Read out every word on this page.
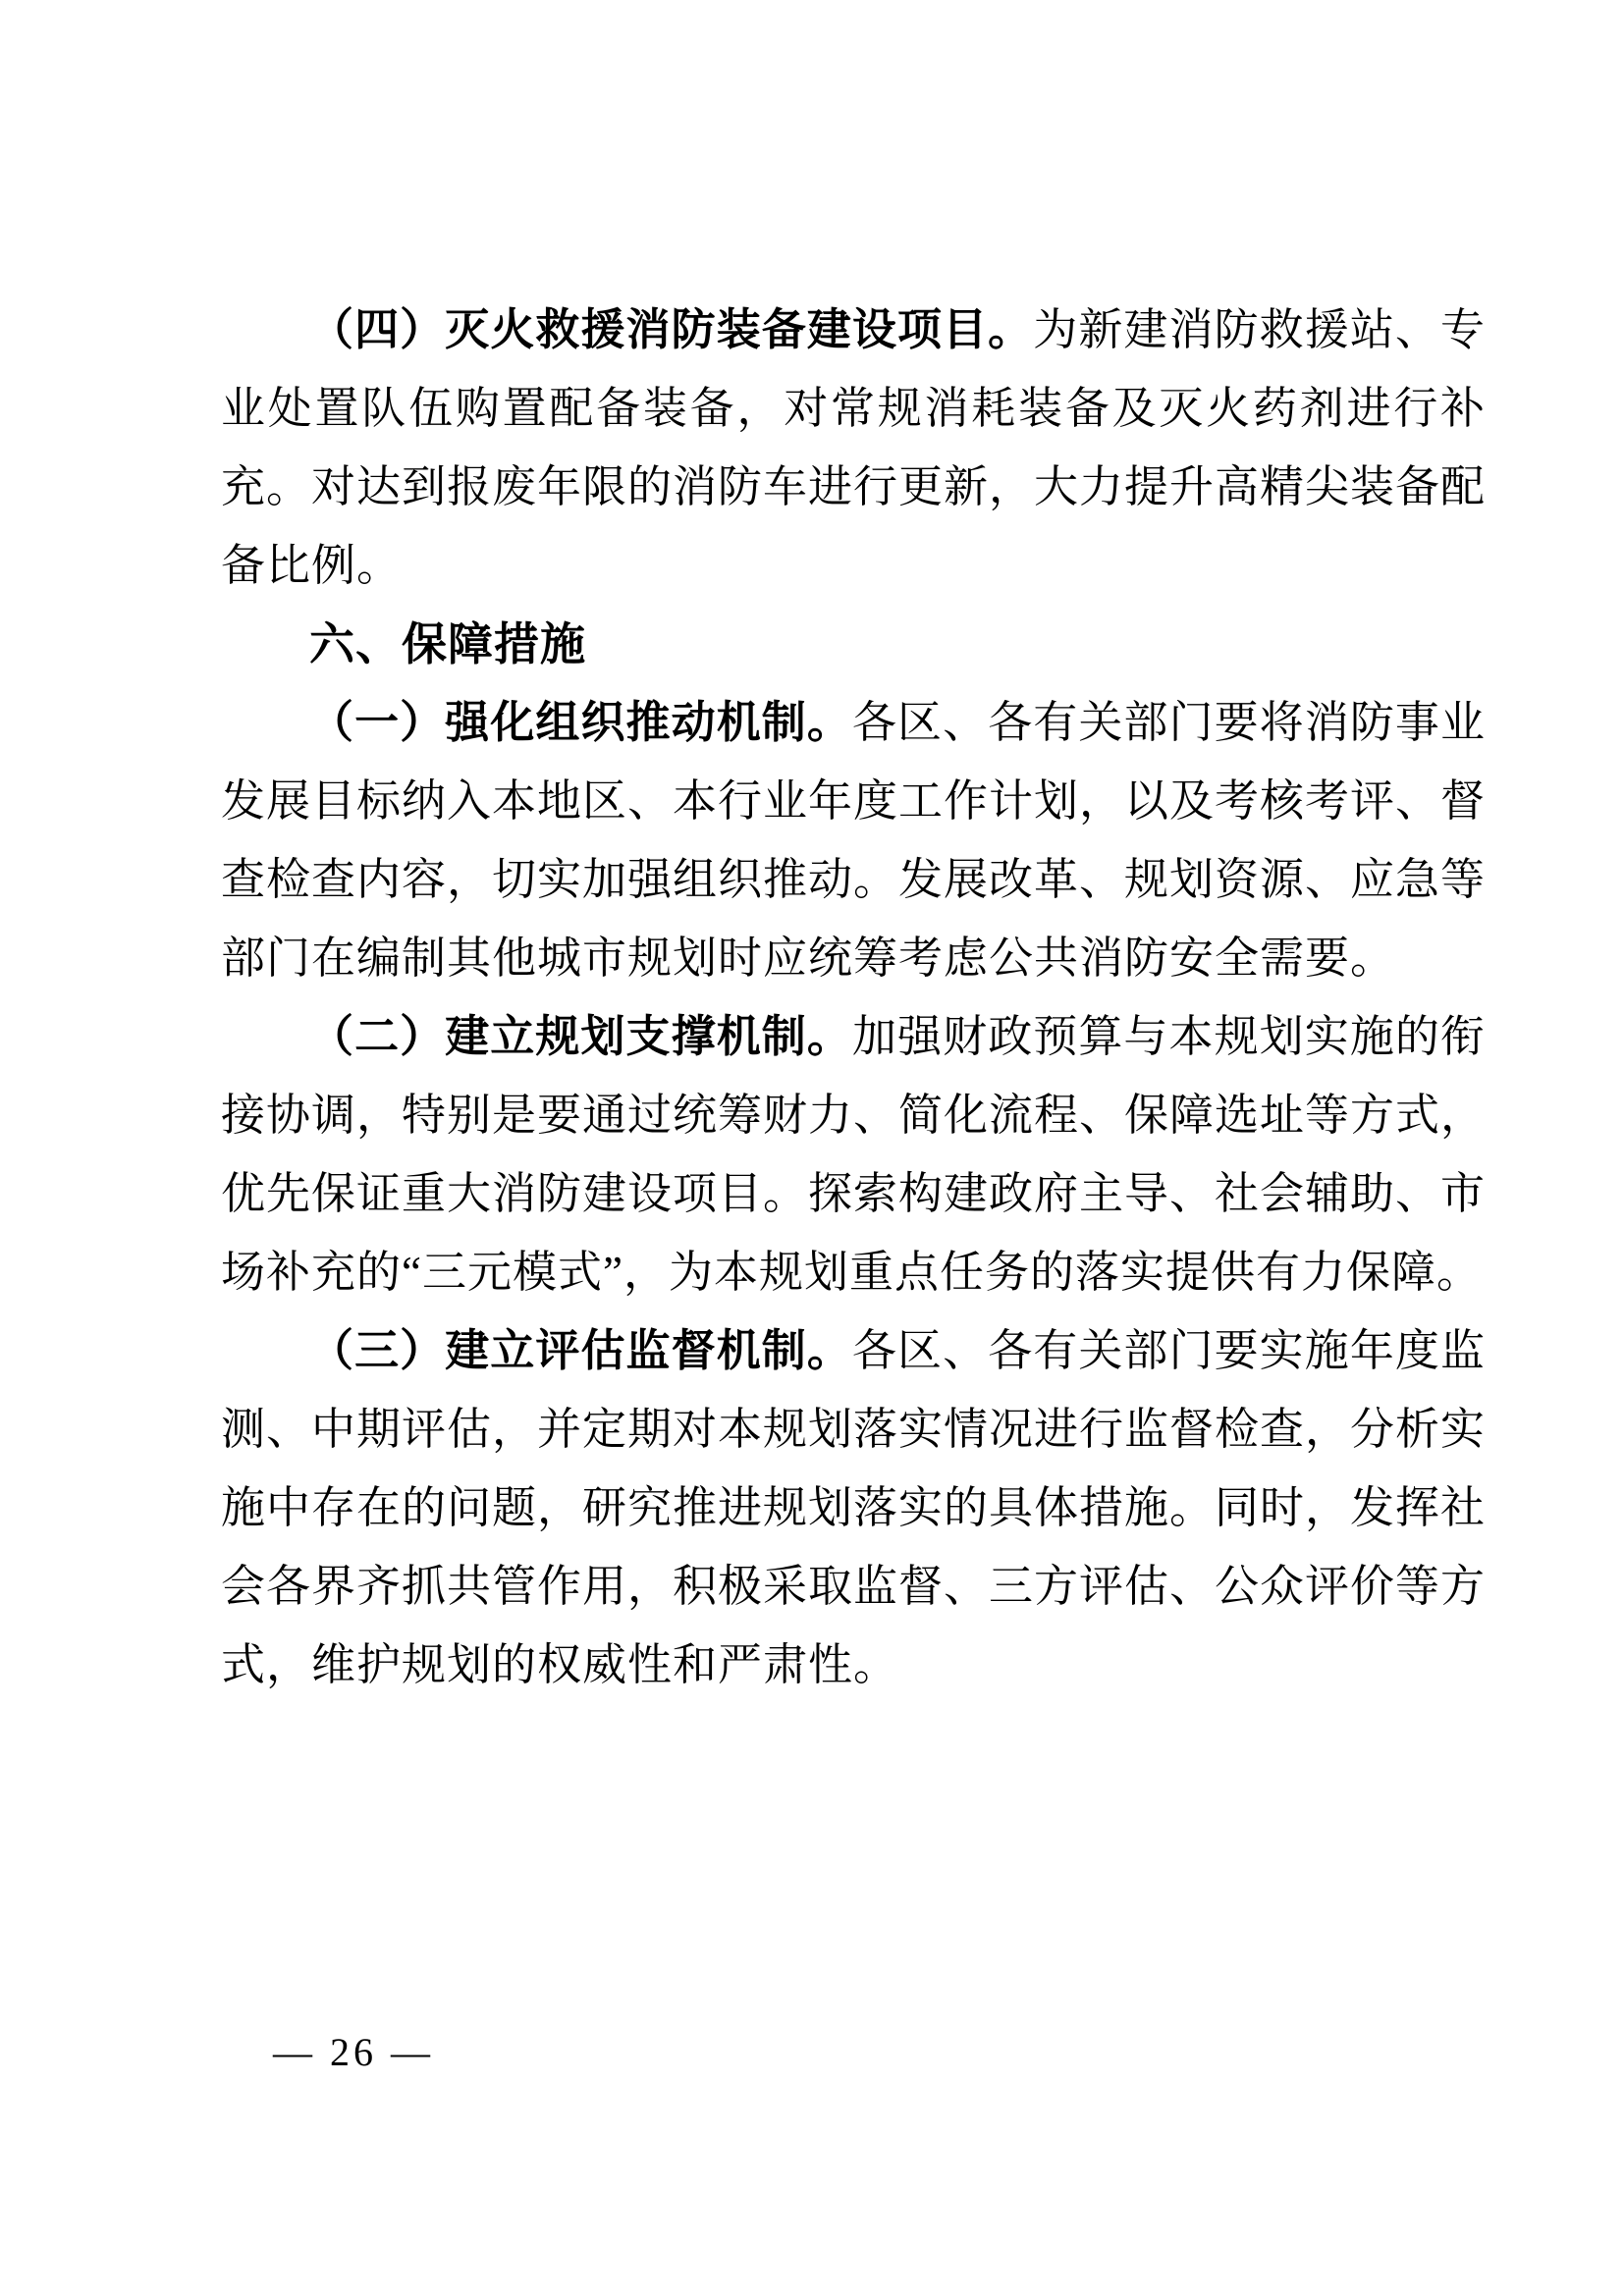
（四）灭火救援消防装备建设项目。为新建消防救援站、专业处置队伍购置配备装备，对常规消耗装备及灭火药剂进行补充。对达到报废年限的消防车进行更新，大力提升高精尖装备配备比例。

六、保障措施

（一）强化组织推动机制。各区、各有关部门要将消防事业发展目标纳入本地区、本行业年度工作计划，以及考核考评、督查检查内容，切实加强组织推动。发展改革、规划资源、应急等部门在编制其他城市规划时应统筹考虑公共消防安全需要。

（二）建立规划支撑机制。加强财政预算与本规划实施的衔接协调，特别是要通过统筹财力、简化流程、保障选址等方式，优先保证重大消防建设项目。探索构建政府主导、社会辅助、市场补充的“三元模式”，为本规划重点任务的落实提供有力保障。

（三）建立评估监督机制。各区、各有关部门要实施年度监测、中期评估，并定期对本规划落实情况进行监督检查，分析实施中存在的问题，研究推进规划落实的具体措施。同时，发挥社会各界齐抓共管作用，积极采取监督、三方评估、公众评价等方式，维护规划的权威性和严肃性。

— 26 —
